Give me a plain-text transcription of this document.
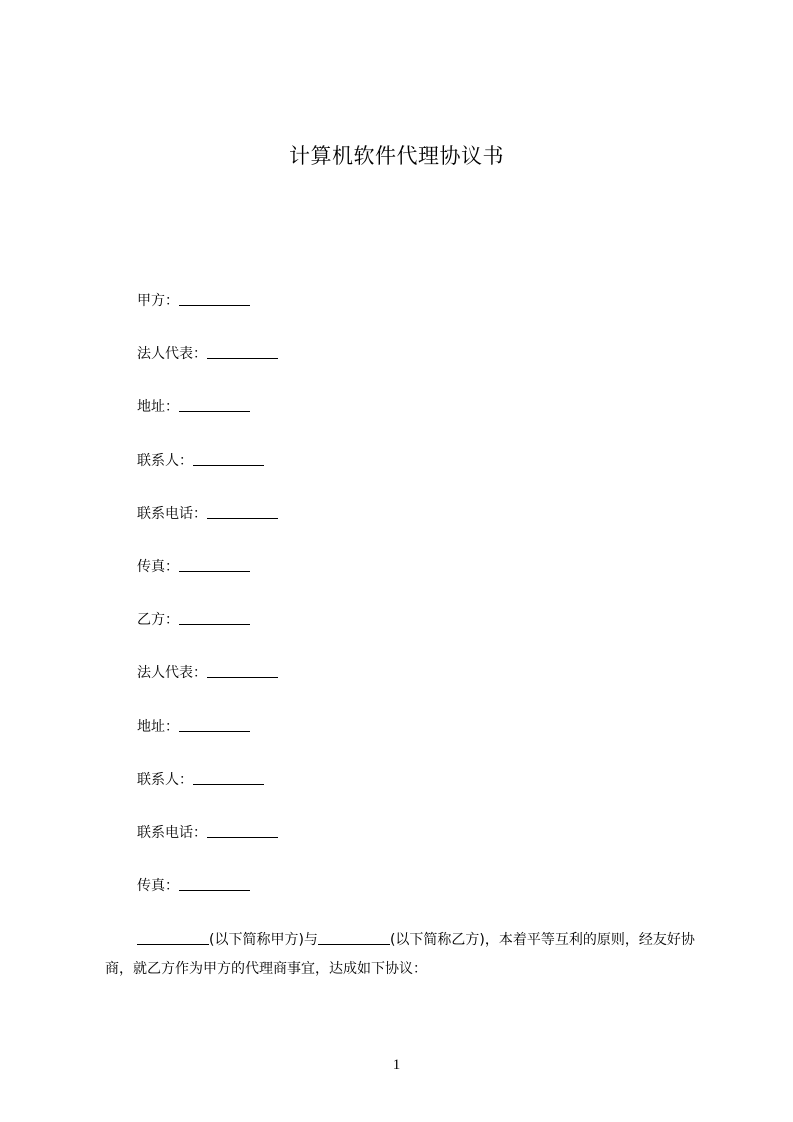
计算机软件代理协议书
甲方：
法人代表：
地址：
联系人：
联系电话：
传真：
乙方：
法人代表：
地址：
联系人：
联系电话：
传真：

(以下简称甲方)与	(以下简称乙方)，本着平等互利的原则，经友好协商，就乙方作为甲方的代理商事宜，达成如下协议：

1
